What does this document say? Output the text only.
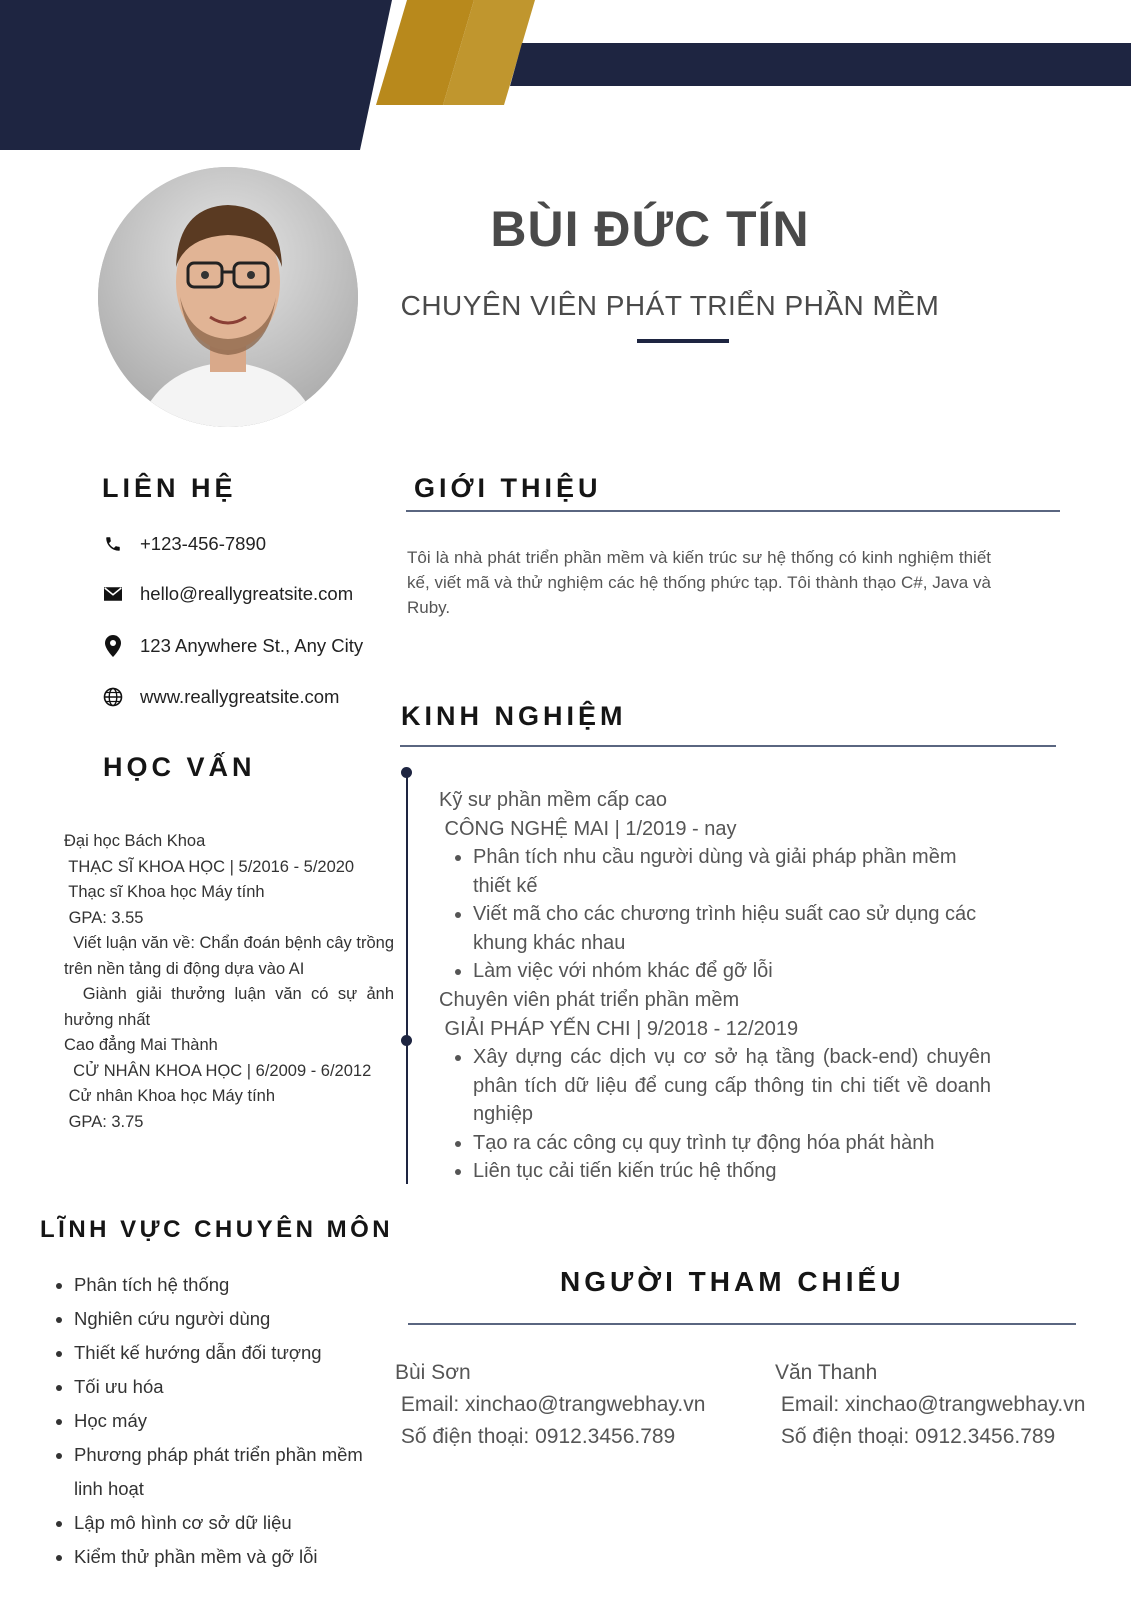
BÙI ĐỨC TÍN
CHUYÊN VIÊN PHÁT TRIỂN PHẦN MỀM
LIÊN HỆ
+123-456-7890
hello@reallygreatsite.com
123 Anywhere St., Any City
www.reallygreatsite.com
HỌC VẤN
Đại học Bách Khoa
THẠC SĨ KHOA HỌC | 5/2016 - 5/2020
Thạc sĩ Khoa học Máy tính
GPA: 3.55
Viết luận văn về: Chẩn đoán bệnh cây trồng trên nền tảng di động dựa vào AI
Giành giải thưởng luận văn có sự ảnh hưởng nhất
Cao đẳng Mai Thành
CỬ NHÂN KHOA HỌC | 6/2009 - 6/2012
Cử nhân Khoa học Máy tính
GPA: 3.75
LĨNH VỰC CHUYÊN MÔN
• Phân tích hệ thống
• Nghiên cứu người dùng
• Thiết kế hướng dẫn đối tượng
• Tối ưu hóa
• Học máy
• Phương pháp phát triển phần mềm linh hoạt
• Lập mô hình cơ sở dữ liệu
• Kiểm thử phần mềm và gỡ lỗi
GIỚI THIỆU
Tôi là nhà phát triển phần mềm và kiến trúc sư hệ thống có kinh nghiệm thiết kế, viết mã và thử nghiệm các hệ thống phức tạp. Tôi thành thạo C#, Java và Ruby.
KINH NGHIỆM
Kỹ sư phần mềm cấp cao
CÔNG NGHỆ MAI | 1/2019 - nay
• Phân tích nhu cầu người dùng và giải pháp phần mềm thiết kế
• Viết mã cho các chương trình hiệu suất cao sử dụng các khung khác nhau
• Làm việc với nhóm khác để gỡ lỗi
Chuyên viên phát triển phần mềm
GIẢI PHÁP YẾN CHI | 9/2018 - 12/2019
• Xây dựng các dịch vụ cơ sở hạ tầng (back-end) chuyên phân tích dữ liệu để cung cấp thông tin chi tiết về doanh nghiệp
• Tạo ra các công cụ quy trình tự động hóa phát hành
• Liên tục cải tiến kiến trúc hệ thống
NGƯỜI THAM CHIẾU
Bùi Sơn
Email: xinchao@trangwebhay.vn
Số điện thoại: 0912.3456.789
Văn Thanh
Email: xinchao@trangwebhay.vn
Số điện thoại: 0912.3456.789
